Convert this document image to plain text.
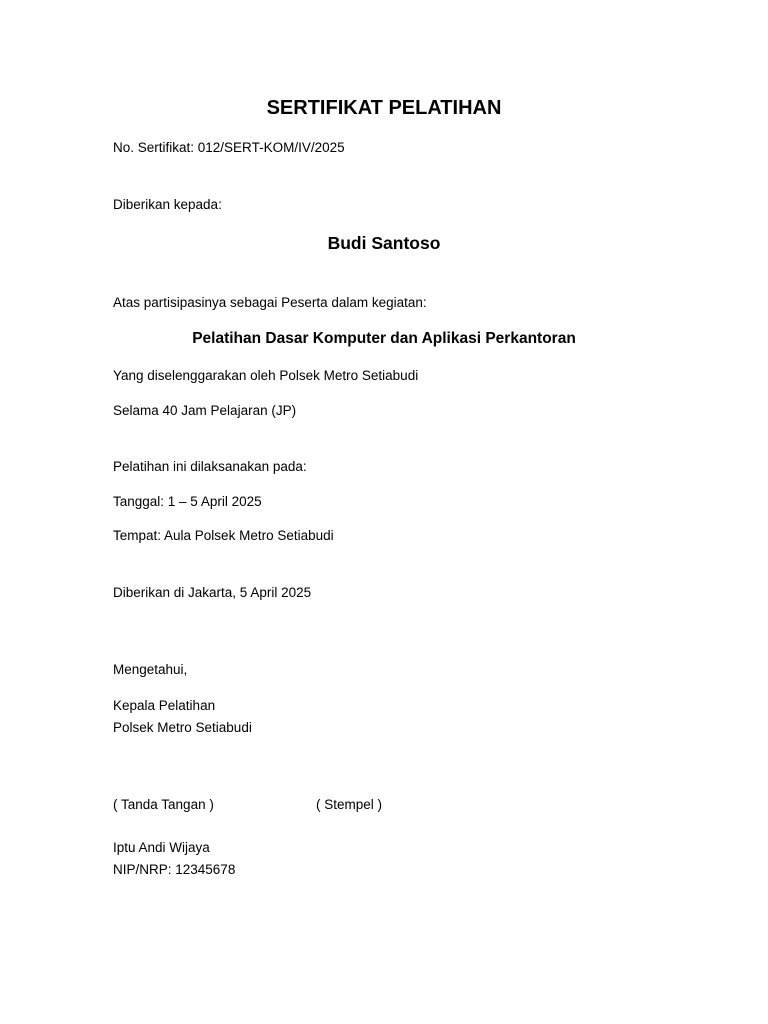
SERTIFIKAT PELATIHAN
No. Sertifikat: 012/SERT-KOM/IV/2025
Diberikan kepada:
Budi Santoso
Atas partisipasinya sebagai Peserta dalam kegiatan:
Pelatihan Dasar Komputer dan Aplikasi Perkantoran
Yang diselenggarakan oleh Polsek Metro Setiabudi
Selama 40 Jam Pelajaran (JP)
Pelatihan ini dilaksanakan pada:
Tanggal: 1 – 5 April 2025
Tempat: Aula Polsek Metro Setiabudi
Diberikan di Jakarta, 5 April 2025
Mengetahui,
Kepala Pelatihan
Polsek Metro Setiabudi
( Tanda Tangan )	( Stempel )
Iptu Andi Wijaya
NIP/NRP: 12345678
